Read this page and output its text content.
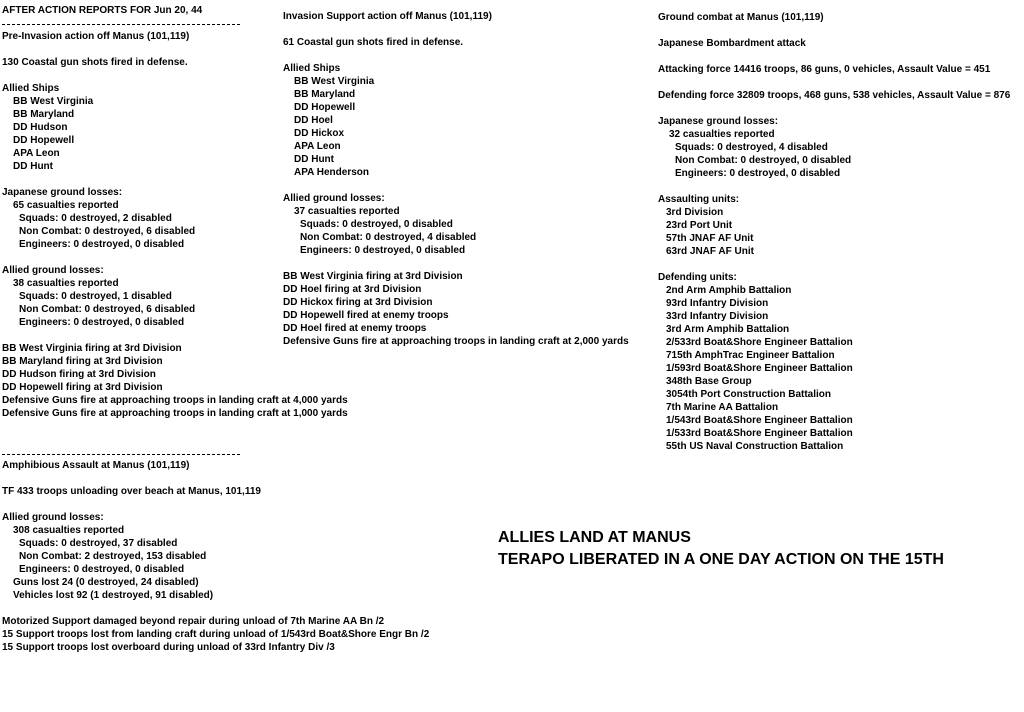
AFTER ACTION REPORTS FOR Jun 20, 44
Pre-Invasion action off Manus (101,119)
130 Coastal gun shots fired in defense.
Allied Ships
BB West Virginia
BB Maryland
DD Hudson
DD Hopewell
APA Leon
DD Hunt
Japanese ground losses:
65 casualties reported
Squads: 0 destroyed, 2 disabled
Non Combat: 0 destroyed, 6 disabled
Engineers: 0 destroyed, 0 disabled
Allied ground losses:
38 casualties reported
Squads: 0 destroyed, 1 disabled
Non Combat: 0 destroyed, 6 disabled
Engineers: 0 destroyed, 0 disabled
BB West Virginia firing at 3rd Division
BB Maryland firing at 3rd Division
DD Hudson firing at 3rd Division
DD Hopewell firing at 3rd Division
Defensive Guns fire at approaching troops in landing craft at 4,000 yards
Defensive Guns fire at approaching troops in landing craft at 1,000 yards
Amphibious Assault at Manus (101,119)
TF 433 troops unloading over beach at Manus, 101,119
Allied ground losses:
308 casualties reported
Squads: 0 destroyed, 37 disabled
Non Combat: 2 destroyed, 153 disabled
Engineers: 0 destroyed, 0 disabled
Guns lost 24 (0 destroyed, 24 disabled)
Vehicles lost 92 (1 destroyed, 91 disabled)
Motorized Support damaged beyond repair during unload of 7th Marine AA Bn /2
15 Support troops lost from landing craft during unload of 1/543rd Boat&Shore Engr Bn /2
15 Support troops lost overboard during unload of 33rd Infantry Div /3
Invasion Support action off Manus (101,119)
61 Coastal gun shots fired in defense.
Allied Ships
BB West Virginia
BB Maryland
DD Hopewell
DD Hoel
DD Hickox
APA Leon
DD Hunt
APA Henderson
Allied ground losses:
37 casualties reported
Squads: 0 destroyed, 0 disabled
Non Combat: 0 destroyed, 4 disabled
Engineers: 0 destroyed, 0 disabled
BB West Virginia firing at 3rd Division
DD Hoel firing at 3rd Division
DD Hickox firing at 3rd Division
DD Hopewell fired at enemy troops
DD Hoel fired at enemy troops
Defensive Guns fire at approaching troops in landing craft at 2,000 yards
Ground combat at Manus (101,119)
Japanese Bombardment attack
Attacking force 14416 troops, 86 guns, 0 vehicles, Assault Value = 451
Defending force 32809 troops, 468 guns, 538 vehicles, Assault Value = 876
Japanese ground losses:
32 casualties reported
Squads: 0 destroyed, 4 disabled
Non Combat: 0 destroyed, 0 disabled
Engineers: 0 destroyed, 0 disabled
Assaulting units:
3rd Division
23rd Port Unit
57th JNAF AF Unit
63rd JNAF AF Unit
Defending units:
2nd Arm Amphib Battalion
93rd Infantry Division
33rd Infantry Division
3rd Arm Amphib Battalion
2/533rd Boat&Shore Engineer Battalion
715th AmphTrac Engineer Battalion
1/593rd Boat&Shore Engineer Battalion
348th Base Group
3054th Port Construction Battalion
7th Marine AA Battalion
1/543rd Boat&Shore Engineer Battalion
1/533rd Boat&Shore Engineer Battalion
55th US Naval Construction Battalion
ALLIES LAND AT MANUS
TERAPO LIBERATED IN A ONE DAY ACTION ON THE 15TH
